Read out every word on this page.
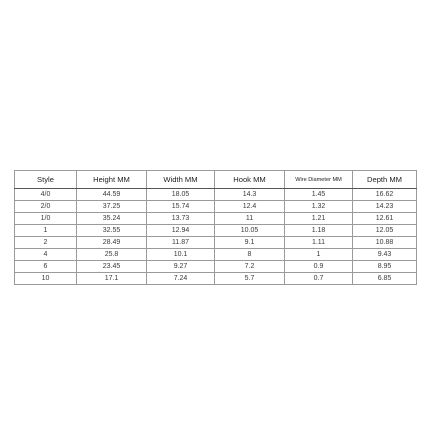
Style	Height MM	Width MM	Hook MM	Wire Diameter MM	Depth MM
4/0	44.59	18.05	14.3	1.45	16.62
2/0	37.25	15.74	12.4	1.32	14.23
1/0	35.24	13.73	11	1.21	12.61
1	32.55	12.94	10.05	1.18	12.05
2	28.49	11.87	9.1	1.11	10.88
4	25.8	10.1	8	1	9.43
6	23.45	9.27	7.2	0.9	8.95
10	17.1	7.24	5.7	0.7	6.85
